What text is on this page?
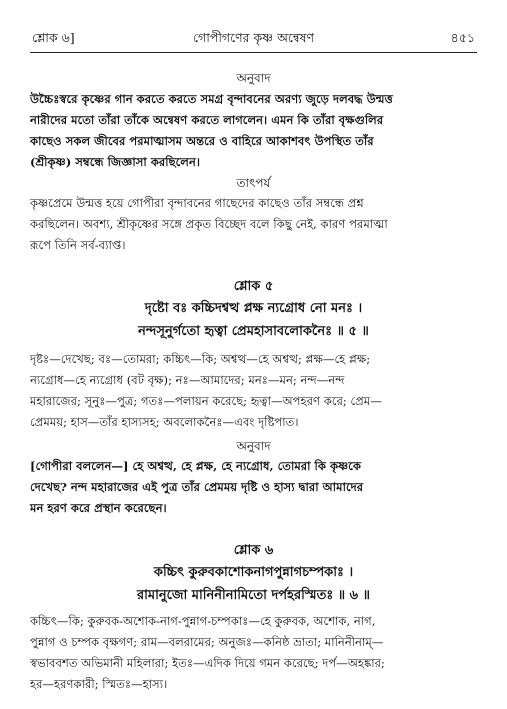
শ্লোক ৬]	গোপীগণের কৃষ্ণ অন্বেষণ	৪৫১
অনুবাদ
উচ্চৈঃস্বরে কৃষ্ণের গান করতে করতে সমগ্র বৃন্দাবনের অরণ্য জুড়ে দলবদ্ধ উন্মত্ত
নারীদের মতো তাঁরা তাঁকে অন্বেষণ করতে লাগলেন। এমন কি তাঁরা বৃক্ষগুলির
কাছেও সকল জীবের পরমাত্মাসম অন্তরে ও বাহিরে আকাশবৎ উপস্থিত তাঁর
(শ্রীকৃষ্ণ) সম্বন্ধে জিজ্ঞাসা করছিলেন।
তাৎপর্য
কৃষ্ণপ্রেমে উন্মত্ত হয়ে গোপীরা বৃন্দাবনের গাছেদের কাছেও তাঁর সম্বন্ধে প্রশ্ন
করছিলেন। অবশ্য, শ্রীকৃষ্ণের সঙ্গে প্রকৃত বিচ্ছেদ বলে কিছু নেই, কারণ পরমাত্মা
রূপে তিনি সর্ব-ব্যাপ্ত।
শ্লোক ৫
দৃষ্টো বঃ কচ্চিদশ্বত্থ প্লক্ষ ন্যগ্রোধ নো মনঃ ।
নন্দসূনুর্গতো হৃত্বা প্রেমহাসাবলোকনৈঃ ॥ ৫ ॥
দৃষ্টঃ—দেখেছ; বঃ—তোমরা; কচ্চিৎ—কি; অশ্বত্থ—হে অশ্বত্থ; প্লক্ষ—হে প্লক্ষ;
ন্যগ্রোধ—হে ন্যগ্রোধ (বট বৃক্ষ); নঃ—আমাদের; মনঃ—মন; নন্দ—নন্দ
মহারাজের; সূনুঃ—পুত্র; গতঃ—পলায়ন করেছে; হৃত্বা—অপহরণ করে; প্রেম—
প্রেমময়; হাস—তাঁর হাস্যসহ; অবলোকনৈঃ—এবং দৃষ্টিপাত।
অনুবাদ
[গোপীরা বললেন—] হে অশ্বত্থ, হে প্লক্ষ, হে ন্যগ্রোধ, তোমরা কি কৃষ্ণকে
দেখেছ? নন্দ মহারাজের এই পুত্র তাঁর প্রেমময় দৃষ্টি ও হাস্য দ্বারা আমাদের
মন হরণ করে প্রস্থান করেছেন।
শ্লোক ৬
কচ্চিৎ কুরুবকাশোকনাগপুন্নাগচম্পকাঃ ।
রামানুজো মানিনীনামিতো দর্পহরস্মিতঃ ॥ ৬ ॥
কচ্চিৎ—কি; কুরুবক-অশোক-নাগ-পুন্নাগ-চম্পকাঃ—হে কুরুবক, অশোক, নাগ,
পুন্নাগ ও চম্পক বৃক্ষগণ; রাম—বলরামের; অনুজঃ—কনিষ্ঠ ভ্রাতা; মানিনীনাম্—
স্বভাববশত অভিমানী মহিলারা; ইতঃ—এদিক দিয়ে গমন করেছে; দর্প—অহঙ্কার;
হর—হরণকারী; স্মিতঃ—হাস্য।
